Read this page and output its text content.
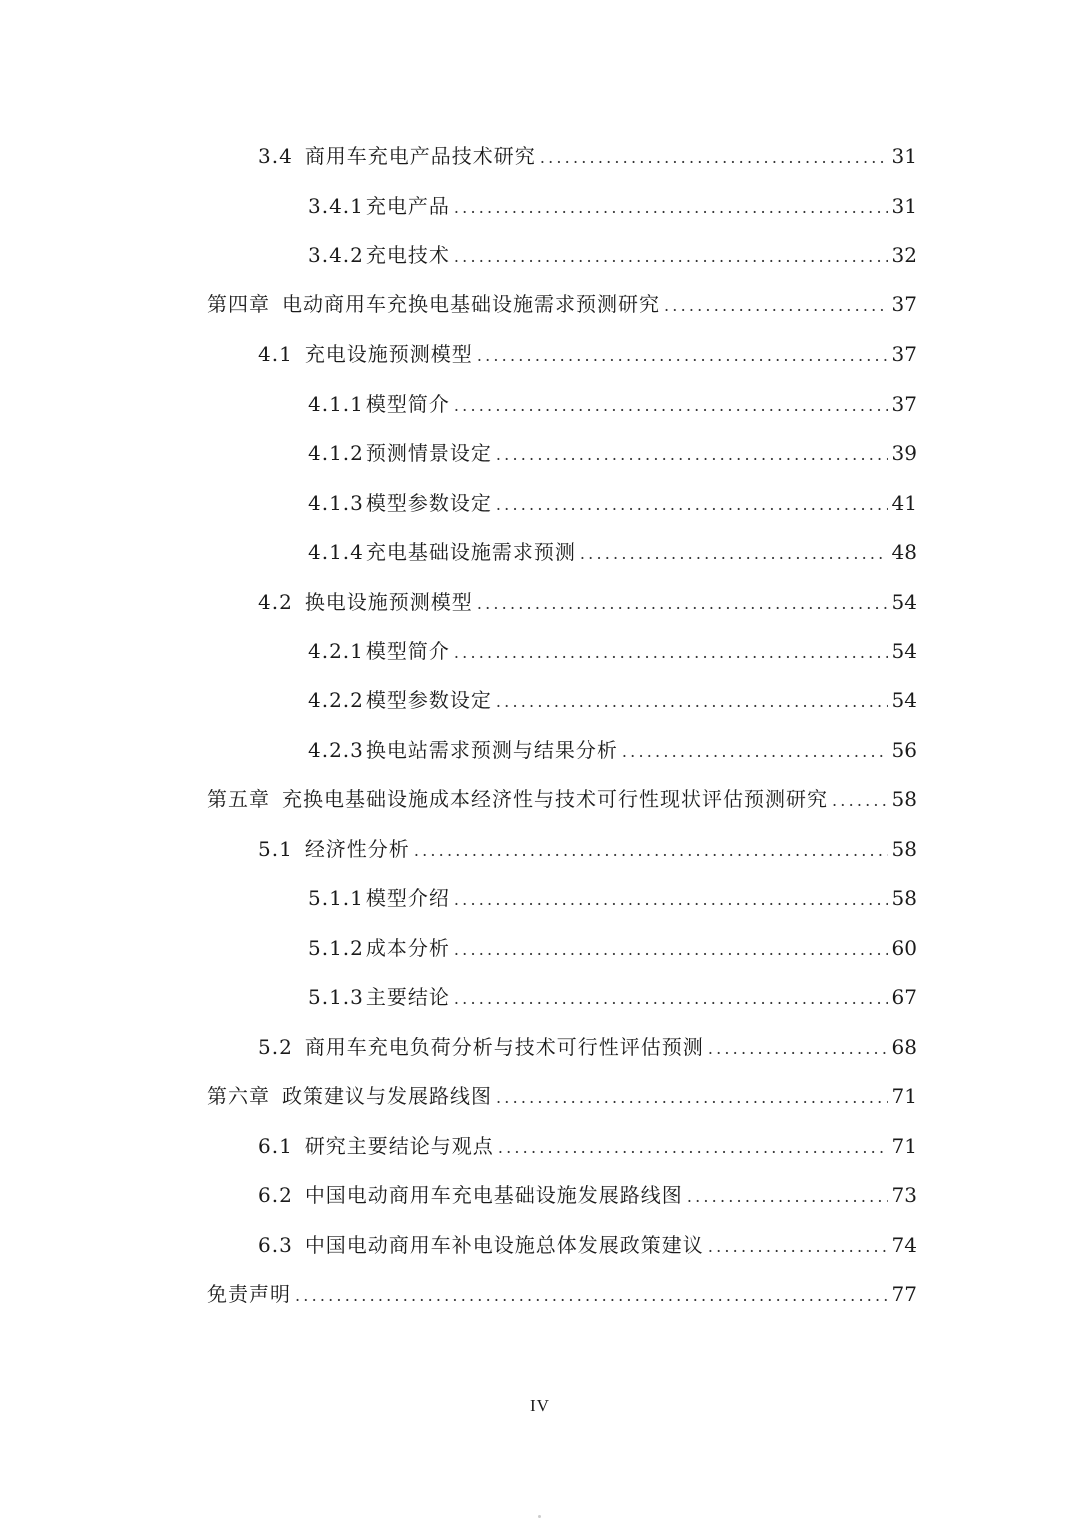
3.4 商用车充电产品技术研究 .....	31
3.4.1 充电产品 .....	31
3.4.2 充电技术 .....	32
第四章 电动商用车充换电基础设施需求预测研究 .....	37
4.1 充电设施预测模型 .....	37
4.1.1 模型简介 .....	37
4.1.2 预测情景设定 .....	39
4.1.3 模型参数设定 .....	41
4.1.4 充电基础设施需求预测 .....	48
4.2 换电设施预测模型 .....	54
4.2.1 模型简介 .....	54
4.2.2 模型参数设定 .....	54
4.2.3 换电站需求预测与结果分析 .....	56
第五章 充换电基础设施成本经济性与技术可行性现状评估预测研究 .....	58
5.1 经济性分析 .....	58
5.1.1 模型介绍 .....	58
5.1.2 成本分析 .....	60
5.1.3 主要结论 .....	67
5.2 商用车充电负荷分析与技术可行性评估预测 .....	68
第六章 政策建议与发展路线图 .....	71
6.1 研究主要结论与观点 .....	71
6.2 中国电动商用车充电基础设施发展路线图 .....	73
6.3 中国电动商用车补电设施总体发展政策建议 .....	74
免责声明 .....	77
IV
